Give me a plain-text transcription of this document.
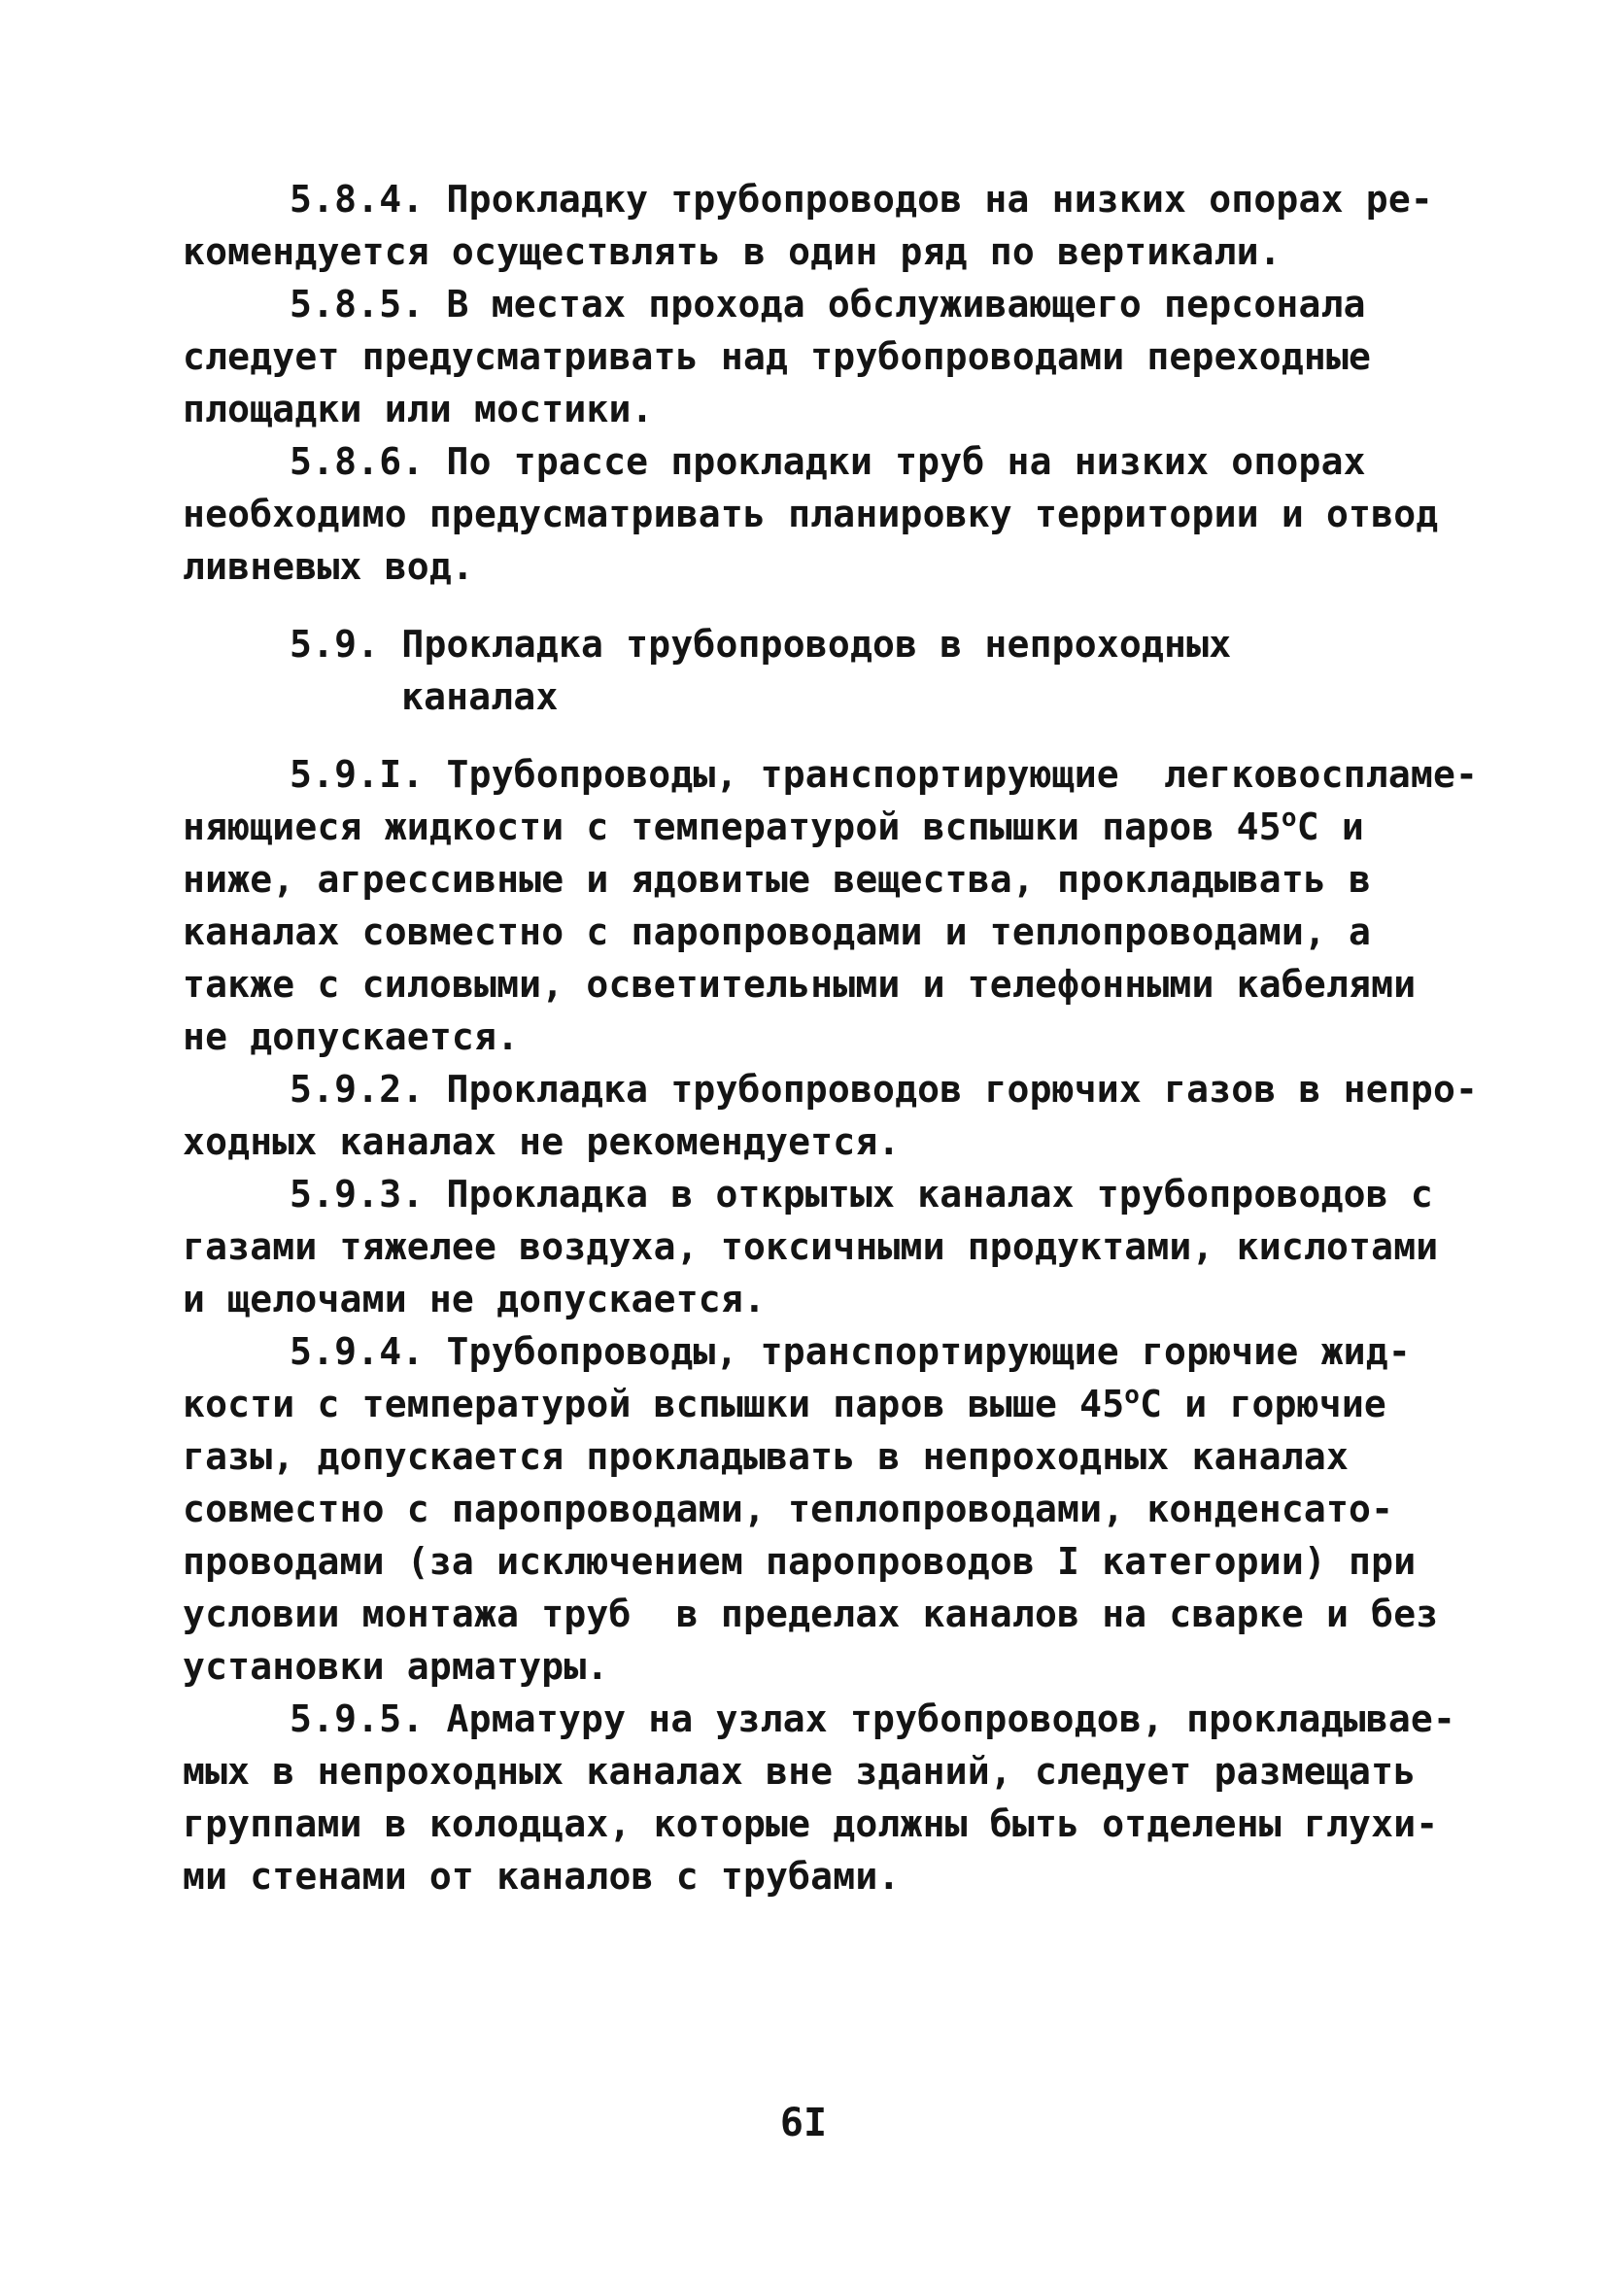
5.8.4. Прокладку трубопроводов на низких опорах ре-
комендуется осуществлять в один ряд по вертикали.
5.8.5. В местах прохода обслуживающего персонала
следует предусматривать над трубопроводами переходные
площадки или мостики.
5.8.6. По трассе прокладки труб на низких опорах
необходимо предусматривать планировку территории и отвод
ливневых вод.
5.9. Прокладка трубопроводов в непроходных
каналах
5.9.I. Трубопроводы, транспортирующие  легковоспламе-
няющиеся жидкости с температурой вспышки паров $45^оС$ и
ниже, агрессивные и ядовитые вещества, прокладывать в
каналах совместно с паропроводами и теплопроводами, а
также с силовыми, осветительными и телефонными кабелями
не допускается.
5.9.2. Прокладка трубопроводов горючих газов в непро-
ходных каналах не рекомендуется.
5.9.3. Прокладка в открытых каналах трубопроводов с
газами тяжелее воздуха, токсичными продуктами, кислотами
и щелочами не допускается.
5.9.4. Трубопроводы, транспортирующие горючие жид-
кости с температурой вспышки паров выше $45^оС$ и горючие
газы, допускается прокладывать в непроходных каналах
совместно с паропроводами, теплопроводами, конденсато-
проводами (за исключением паропроводов I категории) при
условии монтажа труб  в пределах каналов на сварке и без
установки арматуры.
5.9.5. Арматуру на узлах трубопроводов, прокладывае-
мых в непроходных каналах вне зданий, следует размещать
группами в колодцах, которые должны быть отделены глухи-
ми стенами от каналов с трубами.
6I
